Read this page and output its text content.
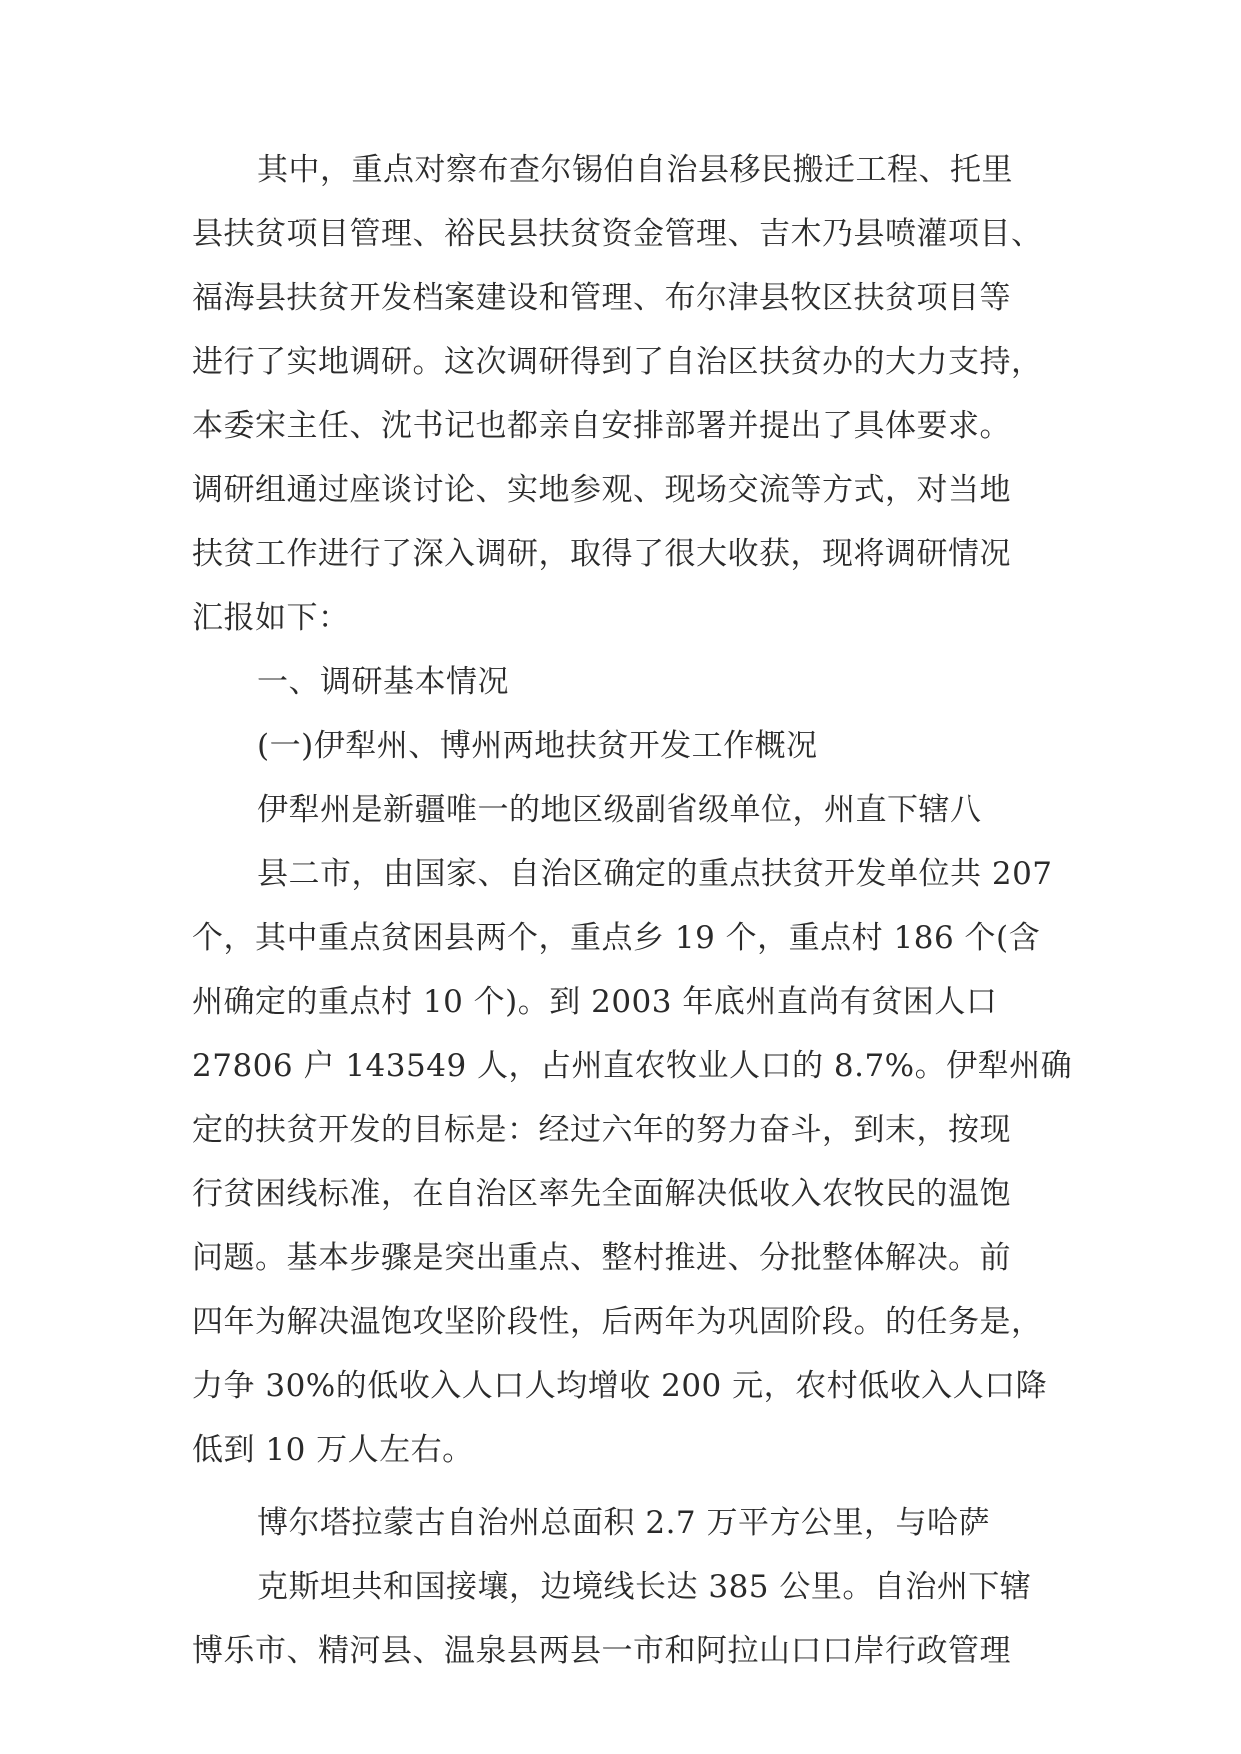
其中，重点对察布查尔锡伯自治县移民搬迁工程、托里

县扶贫项目管理、裕民县扶贫资金管理、吉木乃县喷灌项目、

福海县扶贫开发档案建设和管理、布尔津县牧区扶贫项目等

进行了实地调研。这次调研得到了自治区扶贫办的大力支持，

本委宋主任、沈书记也都亲自安排部署并提出了具体要求。

调研组通过座谈讨论、实地参观、现场交流等方式，对当地

扶贫工作进行了深入调研，取得了很大收获，现将调研情况

汇报如下：

一、调研基本情况

(一)伊犁州、博州两地扶贫开发工作概况

伊犁州是新疆唯一的地区级副省级单位，州直下辖八

县二市，由国家、自治区确定的重点扶贫开发单位共 207

个，其中重点贫困县两个，重点乡 19 个，重点村 186 个(含

州确定的重点村 10 个)。到 2003 年底州直尚有贫困人口

27806 户 143549 人，占州直农牧业人口的 8.7%。伊犁州确

定的扶贫开发的目标是：经过六年的努力奋斗，到末，按现

行贫困线标准，在自治区率先全面解决低收入农牧民的温饱

问题。基本步骤是突出重点、整村推进、分批整体解决。前

四年为解决温饱攻坚阶段性，后两年为巩固阶段。的任务是，

力争 30%的低收入人口人均增收 200 元，农村低收入人口降

低到 10 万人左右。

博尔塔拉蒙古自治州总面积 2.7 万平方公里，与哈萨

克斯坦共和国接壤，边境线长达 385 公里。自治州下辖

博乐市、精河县、温泉县两县一市和阿拉山口口岸行政管理
